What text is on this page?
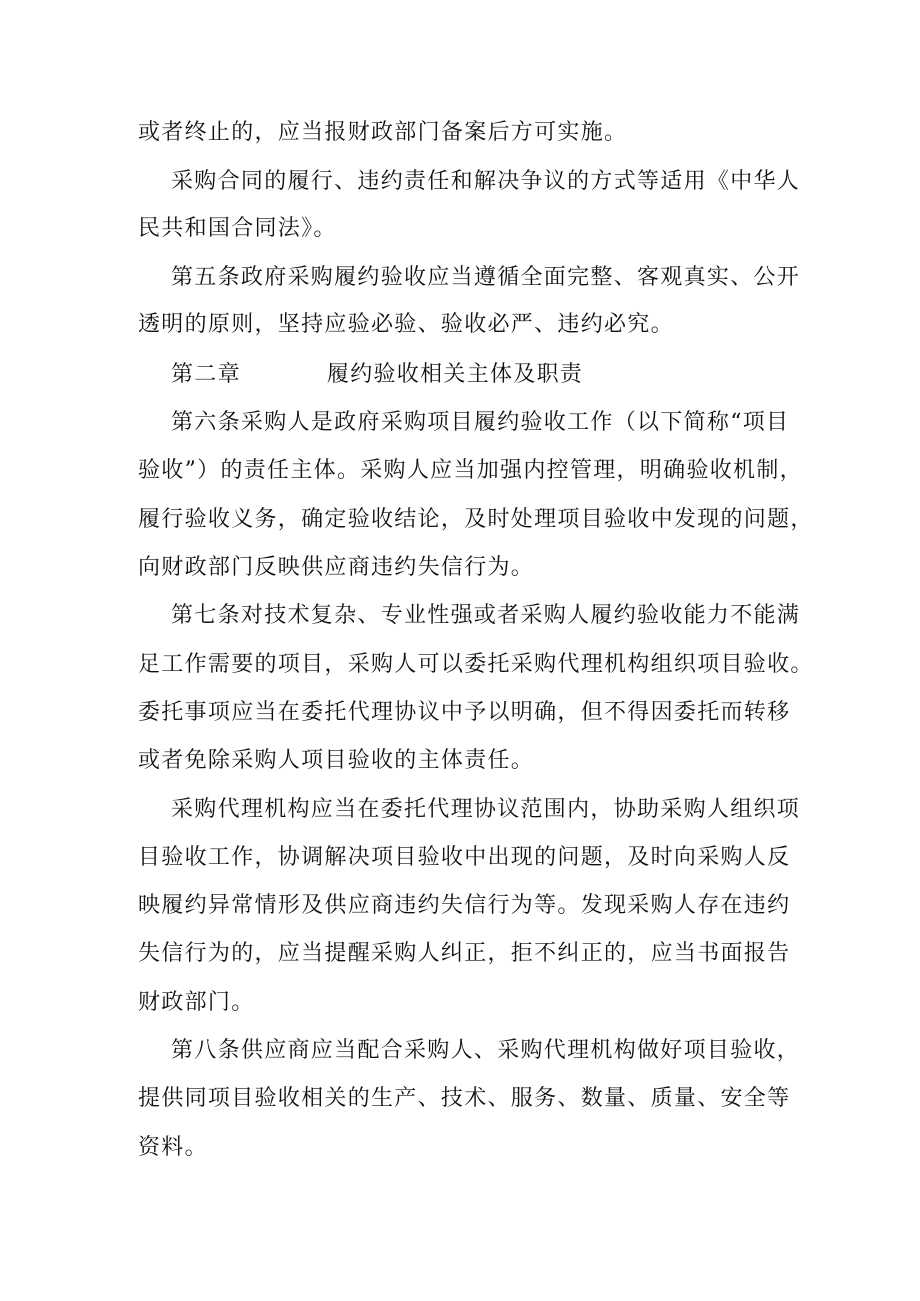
或者终止的，应当报财政部门备案后方可实施。

采购合同的履行、违约责任和解决争议的方式等适用《中华人

民共和国合同法》。

第五条政府采购履约验收应当遵循全面完整、客观真实、公开

透明的原则，坚持应验必验、验收必严、违约必究。

第二章	履约验收相关主体及职责

第六条采购人是政府采购项目履约验收工作（以下简称“项目

验收”）的责任主体。采购人应当加强内控管理，明确验收机制，

履行验收义务，确定验收结论，及时处理项目验收中发现的问题，

向财政部门反映供应商违约失信行为。

第七条对技术复杂、专业性强或者采购人履约验收能力不能满

足工作需要的项目，采购人可以委托采购代理机构组织项目验收。

委托事项应当在委托代理协议中予以明确，但不得因委托而转移

或者免除采购人项目验收的主体责任。

采购代理机构应当在委托代理协议范围内，协助采购人组织项

目验收工作，协调解决项目验收中出现的问题，及时向采购人反

映履约异常情形及供应商违约失信行为等。发现采购人存在违约

失信行为的，应当提醒采购人纠正，拒不纠正的，应当书面报告

财政部门。

第八条供应商应当配合采购人、采购代理机构做好项目验收，

提供同项目验收相关的生产、技术、服务、数量、质量、安全等

资料。
